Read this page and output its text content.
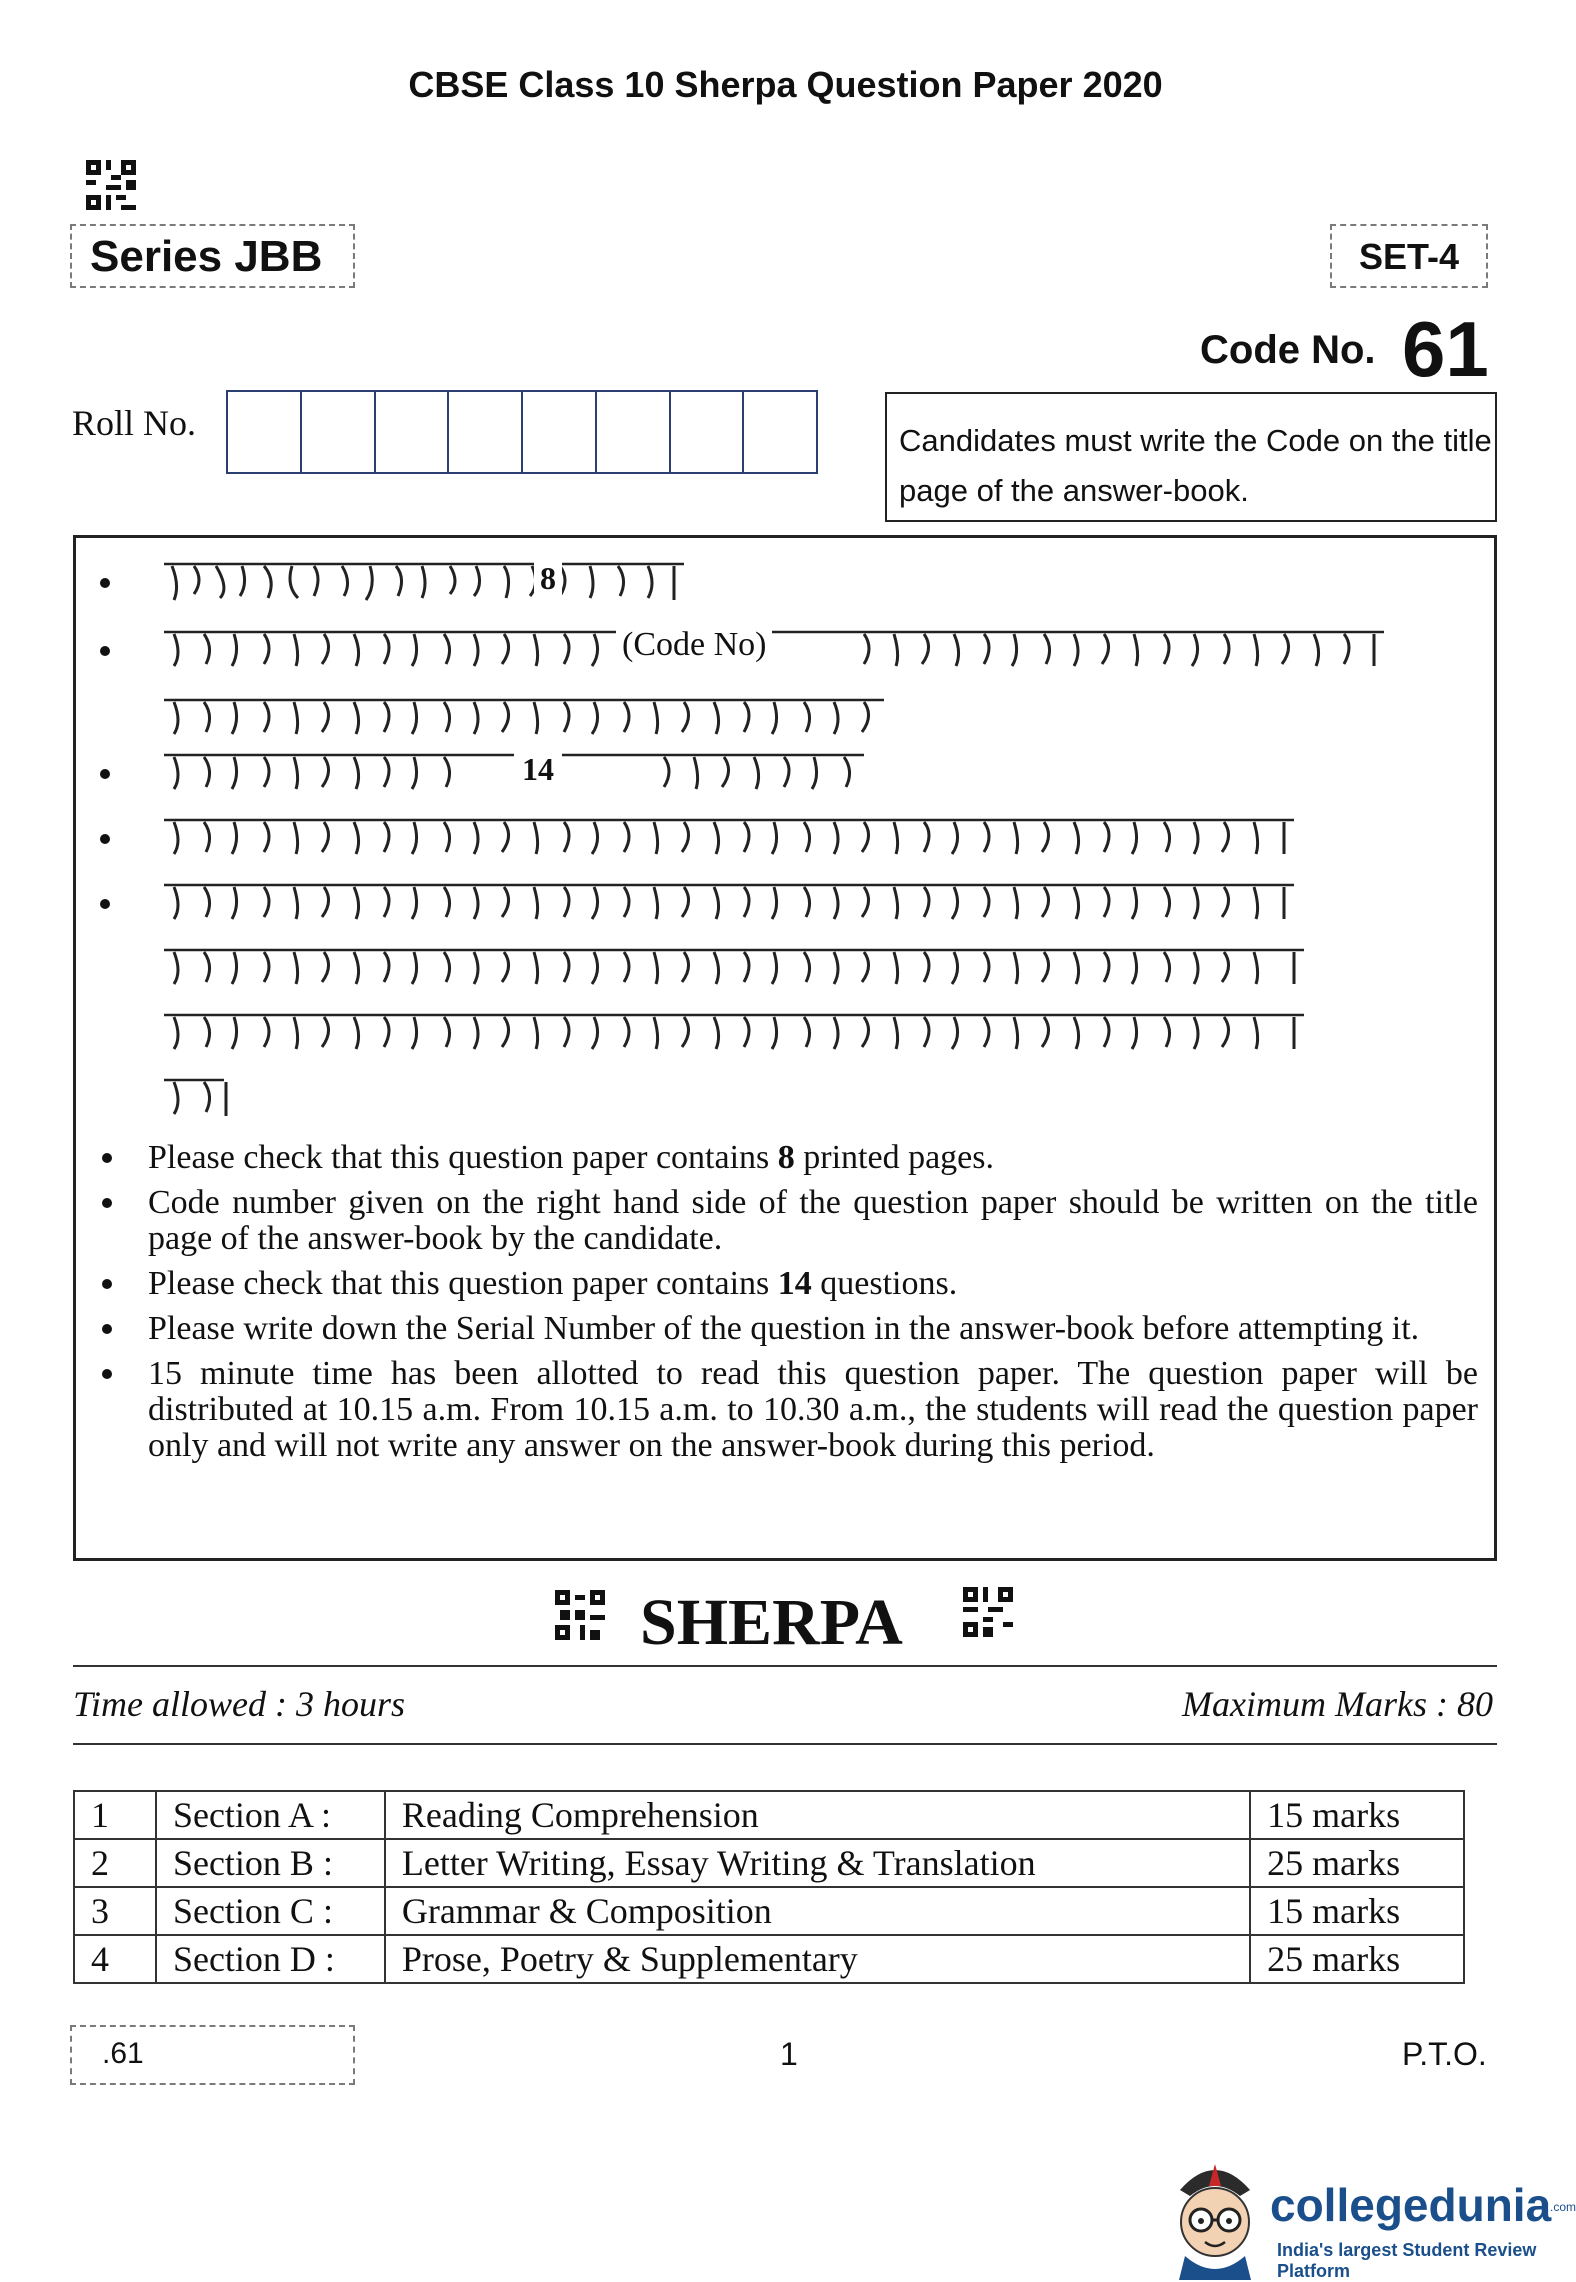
CBSE Class 10 Sherpa Question Paper 2020
Series JBB	SET-4
Code No. 61
Roll No.	Candidates must write the Code on the title page of the answer-book.
8
(Code No)
14
Please check that this question paper contains 8 printed pages.
Code number given on the right hand side of the question paper should be written on the title page of the answer-book by the candidate.
Please check that this question paper contains 14 questions.
Please write down the Serial Number of the question in the answer-book before attempting it.
15 minute time has been allotted to read this question paper. The question paper will be distributed at 10.15 a.m. From 10.15 a.m. to 10.30 a.m., the students will read the question paper only and will not write any answer on the answer-book during this period.
SHERPA
Time allowed : 3 hours	Maximum Marks : 80
1	Section A :	Reading Comprehension	15 marks
2	Section B :	Letter Writing, Essay Writing & Translation	25 marks
3	Section C :	Grammar & Composition	15 marks
4	Section D :	Prose, Poetry & Supplementary	25 marks
.61	1	P.T.O.
collegedunia
.com
India's largest Student Review Platform
